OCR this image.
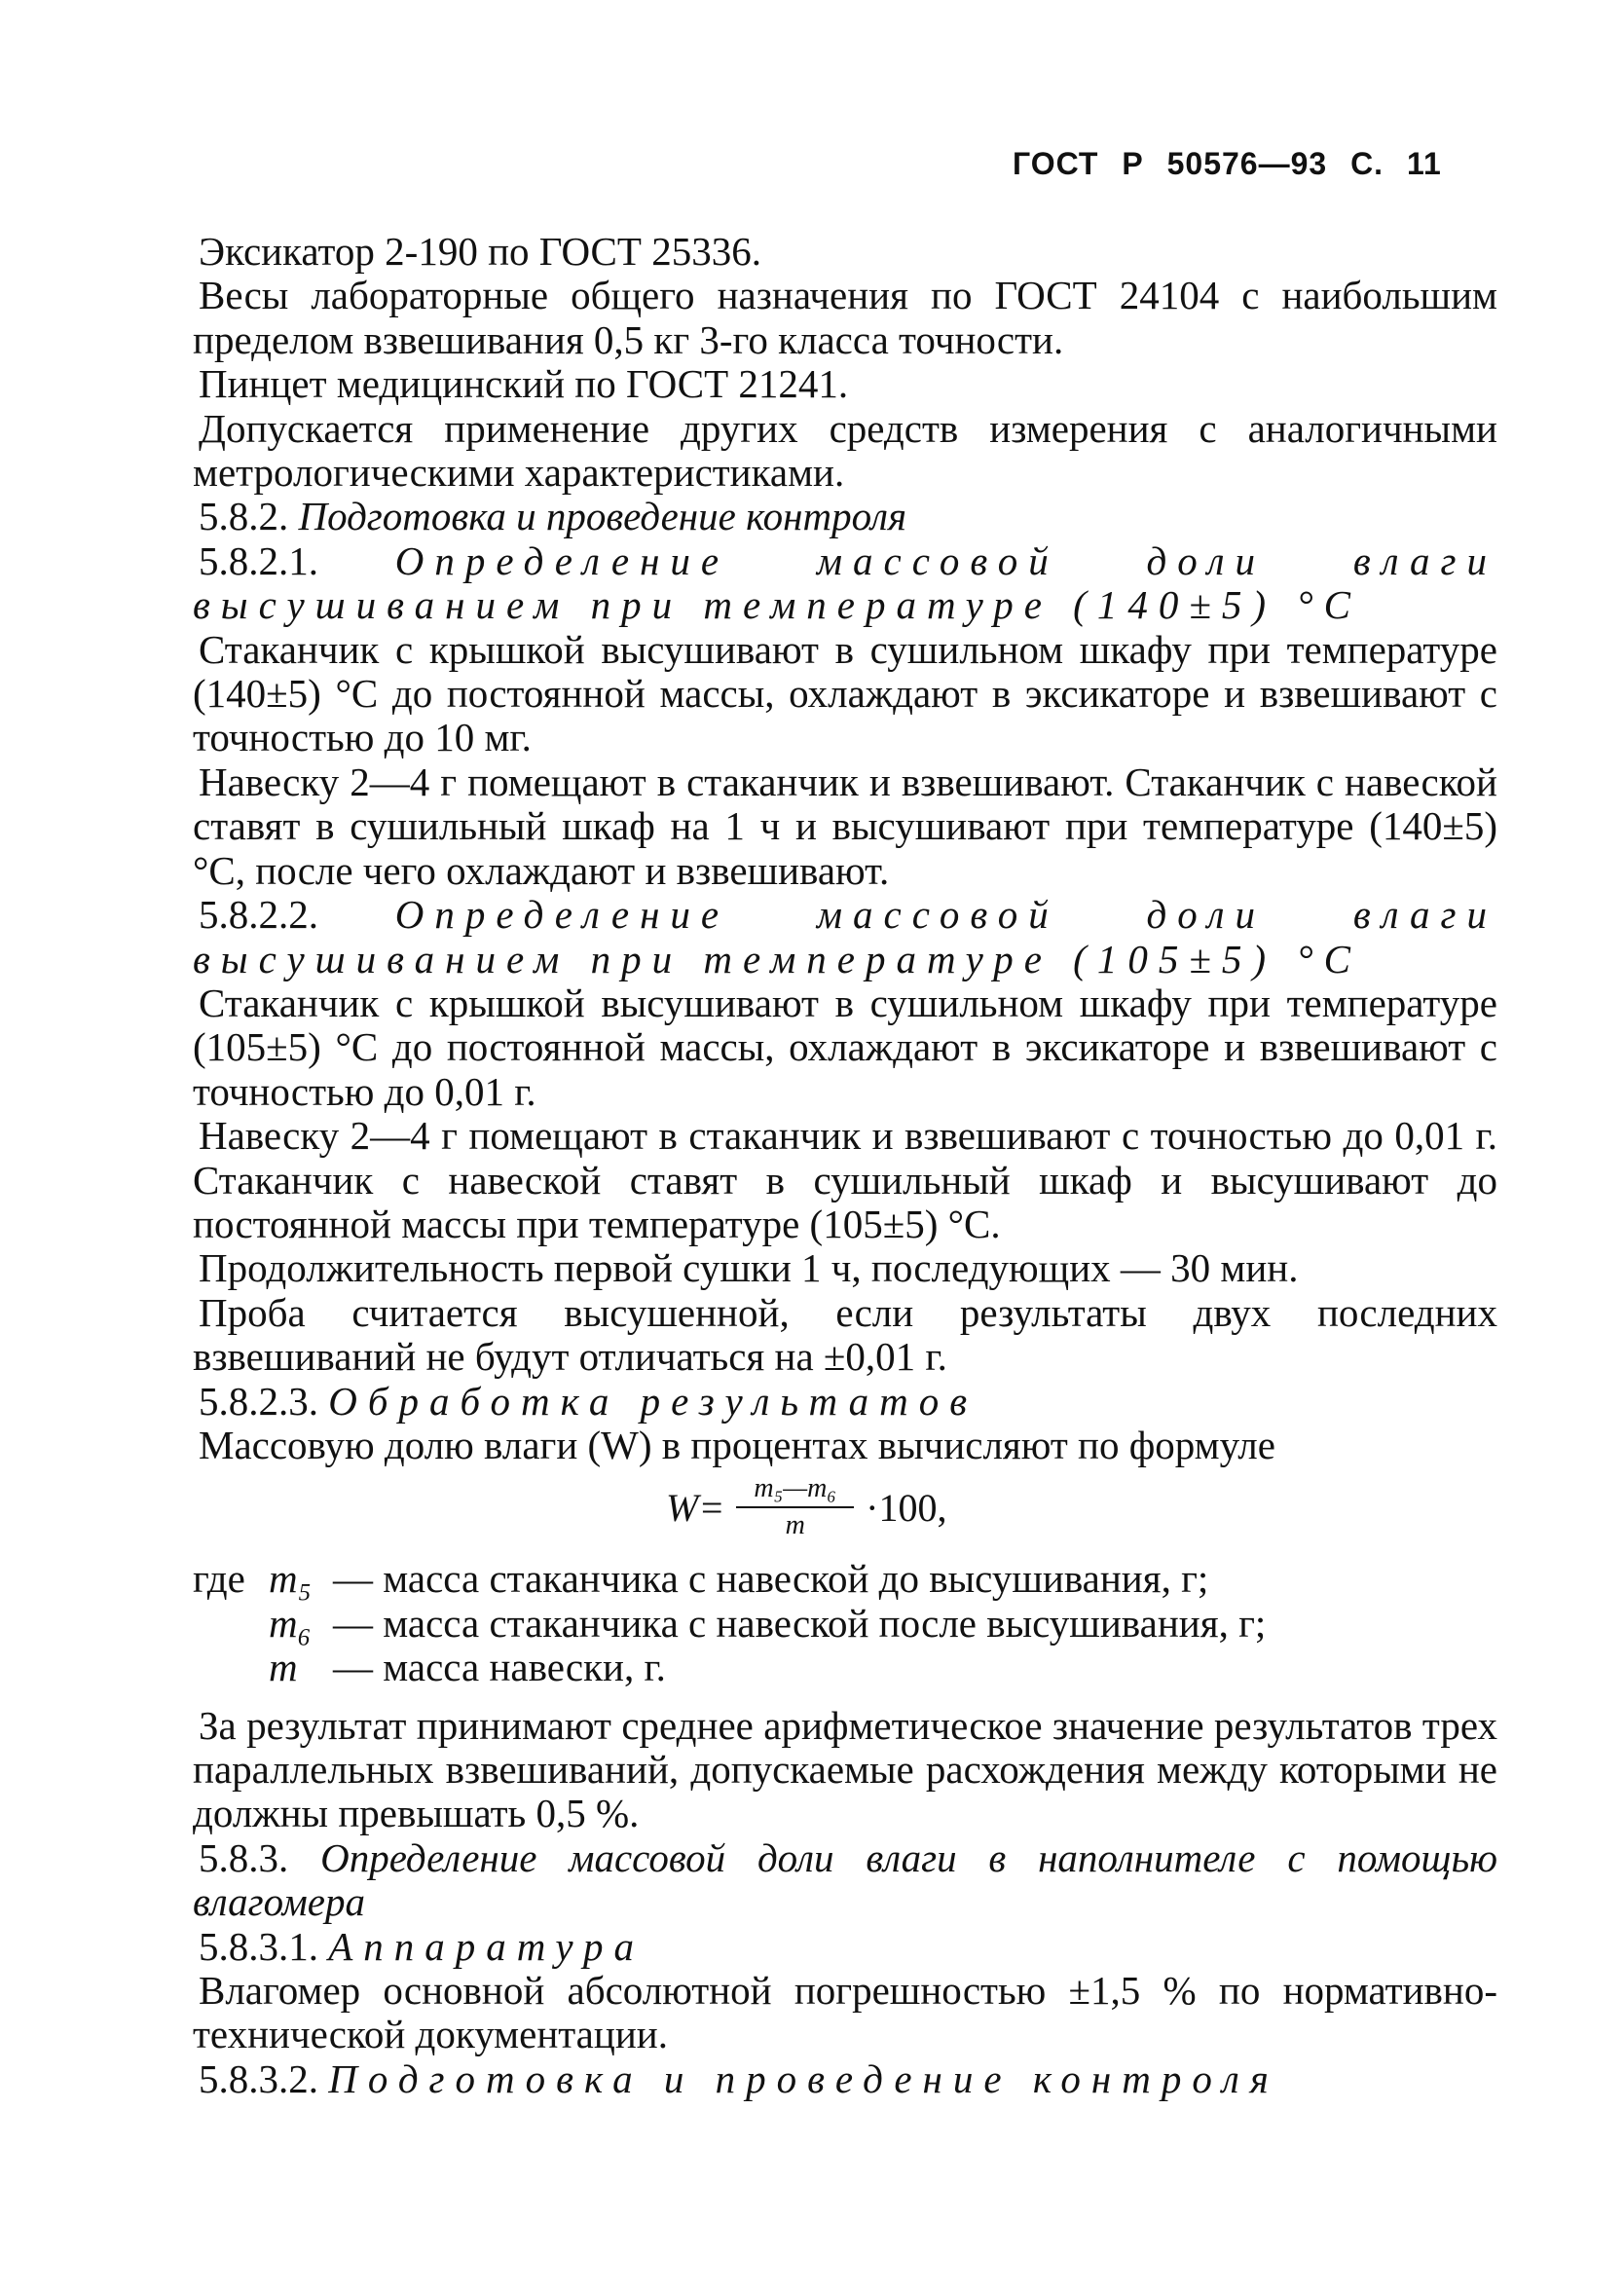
ГОСТ Р 50576—93 С. 11

Эксикатор 2-190 по ГОСТ 25336.

Весы лабораторные общего назначения по ГОСТ 24104 с наибольшим пределом взвешивания 0,5 кг 3-го класса точности.

Пинцет медицинский по ГОСТ 21241.

Допускается применение других средств измерения с аналогичными метрологическими характеристиками.

5.8.2. Подготовка и проведение контроля

5.8.2.1. Определение массовой доли влаги высушиванием при температуре (140±5) °C

Стаканчик с крышкой высушивают в сушильном шкафу при температуре (140±5) °C до постоянной массы, охлаждают в эксикаторе и взвешивают с точностью до 10 мг.

Навеску 2—4 г помещают в стаканчик и взвешивают. Стаканчик с навеской ставят в сушильный шкаф на 1 ч и высушивают при температуре (140±5) °C, после чего охлаждают и взвешивают.

5.8.2.2. Определение массовой доли влаги высушиванием при температуре (105±5) °C

Стаканчик с крышкой высушивают в сушильном шкафу при температуре (105±5) °C до постоянной массы, охлаждают в эксикаторе и взвешивают с точностью до 0,01 г.

Навеску 2—4 г помещают в стаканчик и взвешивают с точностью до 0,01 г. Стаканчик с навеской ставят в сушильный шкаф и высушивают до постоянной массы при температуре (105±5) °C.

Продолжительность первой сушки 1 ч, последующих — 30 мин.

Проба считается высушенной, если результаты двух последних взвешиваний не будут отличаться на ±0,01 г.

5.8.2.3. Обработка результатов

Массовую долю влаги (W) в процентах вычисляют по формуле

$W= \frac{\text{m₅—m₆}}{m} \cdot 100$,
где m₅ — масса стаканчика с навеской до высушивания, г;
m₆ — масса стаканчика с навеской после высушивания, г;
m — масса навески, г.

За результат принимают среднее арифметическое значение результатов трех параллельных взвешиваний, допускаемые расхождения между которыми не должны превышать 0,5 %.

5.8.3. Определение массовой доли влаги в наполнителе с помощью влагомера

5.8.3.1. Аппаратура

Влагомер основной абсолютной погрешностью ±1,5 % по нормативно-технической документации.

5.8.3.2. Подготовка и проведение контроля
